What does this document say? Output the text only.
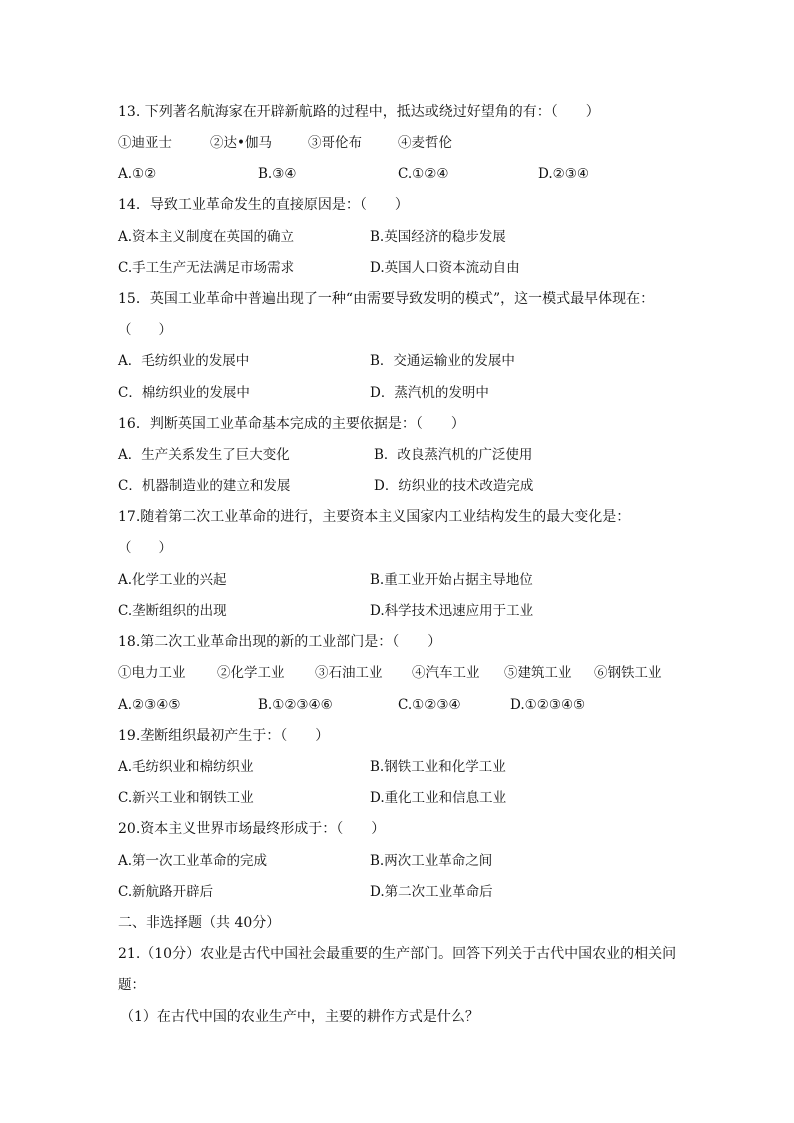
13. 下列著名航海家在开辟新航路的过程中，抵达或绕过好望角的有：（　　）
①迪亚士	②达•伽马	③哥伦布	④麦哲伦
A.①②	B.③④	C.①②④	D.②③④
14．导致工业革命发生的直接原因是：（　　）
A.资本主义制度在英国的确立	B.英国经济的稳步发展
C.手工生产无法满足市场需求	D.英国人口资本流动自由
15．英国工业革命中普遍出现了一种“由需要导致发明的模式”，这一模式最早体现在：
（　　）
A．毛纺织业的发展中	B．交通运输业的发展中
C．棉纺织业的发展中	D．蒸汽机的发明中
16．判断英国工业革命基本完成的主要依据是：（　　）
A．生产关系发生了巨大变化	B．改良蒸汽机的广泛使用
C．机器制造业的建立和发展	D．纺织业的技术改造完成
17.随着第二次工业革命的进行，主要资本主义国家内工业结构发生的最大变化是：
（　　）
A.化学工业的兴起	B.重工业开始占据主导地位
C.垄断组织的出现	D.科学技术迅速应用于工业
18.第二次工业革命出现的新的工业部门是：（　　）
①电力工业 ②化学工业 ③石油工业 ④汽车工业 ⑤建筑工业 ⑥钢铁工业
A.②③④⑤	B.①②③④⑥	C.①②③④	D.①②③④⑤
19.垄断组织最初产生于：（　　）
A.毛纺织业和棉纺织业	B.钢铁工业和化学工业
C.新兴工业和钢铁工业	D.重化工业和信息工业
20.资本主义世界市场最终形成于：（　　）
A.第一次工业革命的完成	B.两次工业革命之间
C.新航路开辟后	D.第二次工业革命后
二、非选择题（共 40分）
21.（10分）农业是古代中国社会最重要的生产部门。回答下列关于古代中国农业的相关问
题：
（1）在古代中国的农业生产中，主要的耕作方式是什么？
